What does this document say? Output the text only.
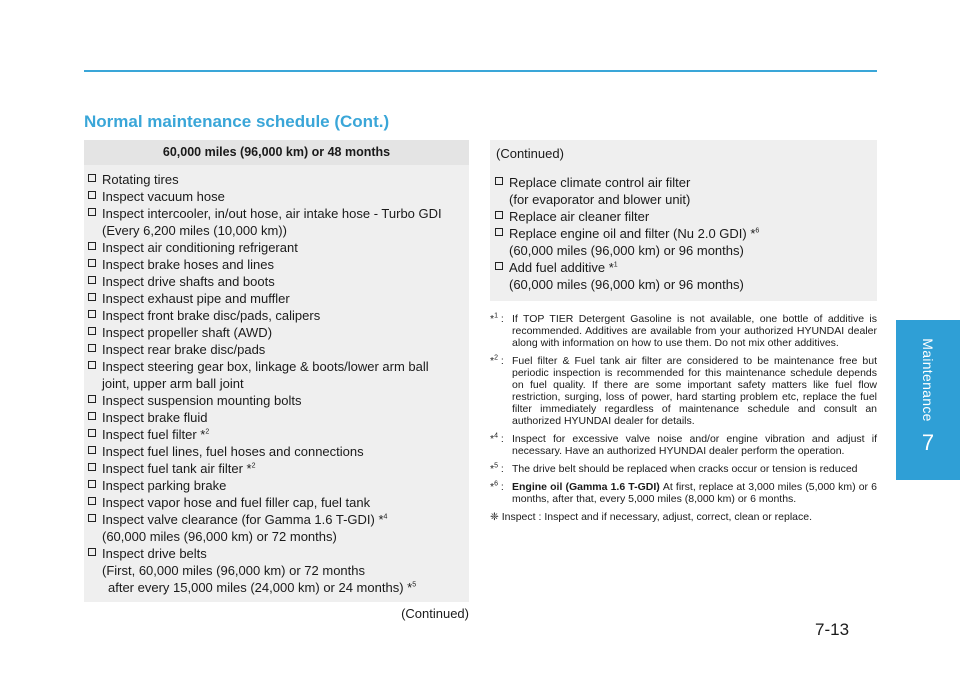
Maintenance
7
Normal maintenance schedule (Cont.)
60,000 miles (96,000 km) or 48 months
Rotating tires
Inspect vacuum hose
Inspect intercooler, in/out hose, air intake hose - Turbo GDI
(Every 6,200 miles (10,000 km))
Inspect air conditioning refrigerant
Inspect brake hoses and lines
Inspect drive shafts and boots
Inspect exhaust pipe and muffler
Inspect front brake disc/pads, calipers
Inspect propeller shaft (AWD)
Inspect rear brake disc/pads
Inspect steering gear box, linkage & boots/lower arm ball
joint, upper arm ball joint
Inspect suspension mounting bolts
Inspect brake fluid
Inspect fuel filter *$^2$
Inspect fuel lines, fuel hoses and connections
Inspect fuel tank air filter *$^2$
Inspect parking brake
Inspect vapor hose and fuel filler cap, fuel tank
Inspect valve clearance (for Gamma 1.6 T-GDI) *$^4$
(60,000 miles (96,000 km) or 72 months)
Inspect drive belts
(First, 60,000 miles (96,000 km) or 72 months
after every 15,000 miles (24,000 km) or 24 months) *$^5$
(Continued)
(Continued)
Replace climate control air filter
(for evaporator and blower unit)
Replace air cleaner filter
Replace engine oil and filter (Nu 2.0 GDI) *$^6$
(60,000 miles (96,000 km) or 96 months)
Add fuel additive *$^1$
(60,000 miles (96,000 km) or 96 months)
*$^1$ : If TOP TIER Detergent Gasoline is not available, one bottle of additive is recommended. Additives are available from your authorized HYUNDAI dealer along with information on how to use them. Do not mix other additives.
*$^2$ : Fuel filter & Fuel tank air filter are considered to be maintenance free but periodic inspection is recommended for this maintenance schedule depends on fuel quality. If there are some important safety matters like fuel flow restriction, surging, loss of power, hard starting problem etc, replace the fuel filter immediately regardless of maintenance schedule and consult an authorized HYUNDAI dealer for details.
*$^4$ : Inspect for excessive valve noise and/or engine vibration and adjust if necessary. Have an authorized HYUNDAI dealer perform the operation.
*$^5$ : The drive belt should be replaced when cracks occur or tension is reduced
*$^6$ : Engine oil (Gamma 1.6 T-GDI) At first, replace at 3,000 miles (5,000 km) or 6 months, after that, every 5,000 miles (8,000 km) or 6 months.
❈ Inspect : Inspect and if necessary, adjust, correct, clean or replace.
7-13
